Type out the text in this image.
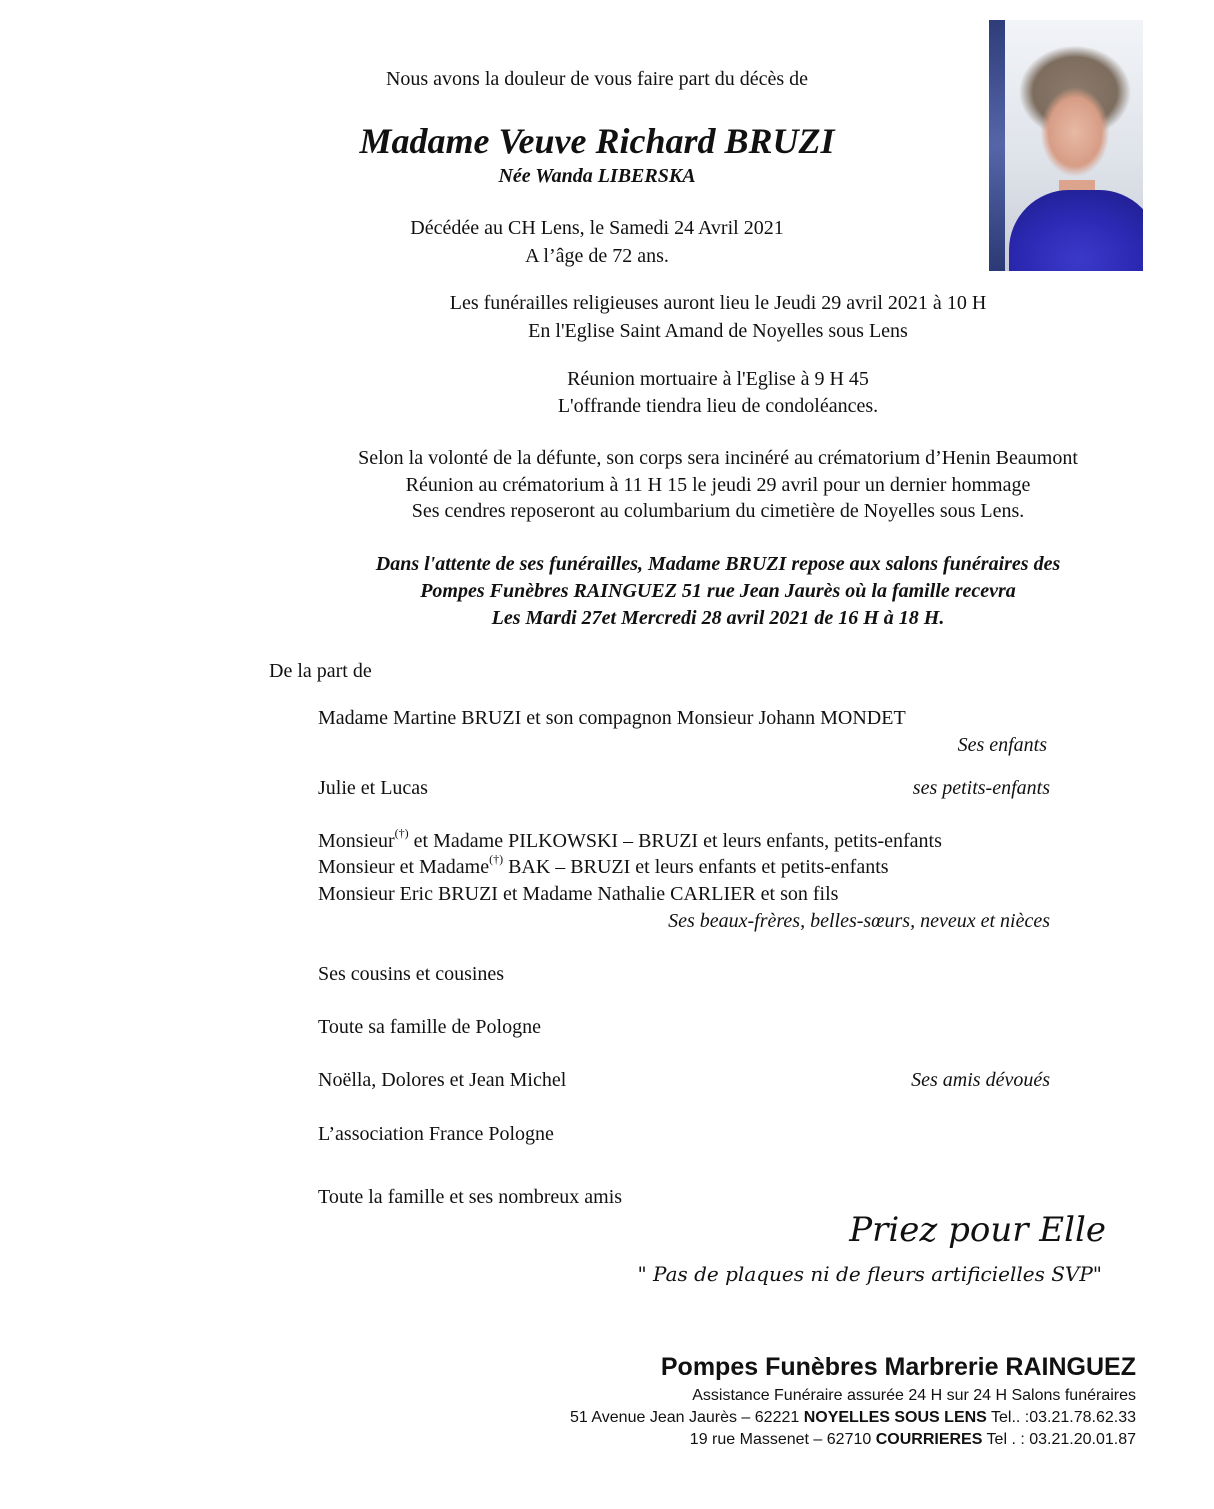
Nous avons la douleur de vous faire part du décès de
Madame Veuve Richard BRUZI
Née Wanda LIBERSKA
Décédée au CH Lens, le Samedi 24 Avril 2021
A l’âge de 72 ans.
Les funérailles religieuses auront lieu le Jeudi 29 avril 2021 à 10 H
En l'Eglise Saint Amand de Noyelles sous Lens
Réunion mortuaire à l'Eglise à 9 H 45
L'offrande tiendra lieu de condoléances.
Selon la volonté de la défunte, son corps sera incinéré au crématorium d’Henin Beaumont
Réunion au crématorium à 11 H 15 le jeudi 29 avril pour un dernier hommage
Ses cendres reposeront au columbarium du cimetière de Noyelles sous Lens.
Dans l'attente de ses funérailles, Madame BRUZI repose aux salons funéraires des
Pompes Funèbres RAINGUEZ 51 rue Jean Jaurès où la famille recevra
Les Mardi 27et Mercredi 28 avril 2021 de 16 H à 18 H.
De la part de
Madame Martine BRUZI et son compagnon Monsieur Johann MONDET
Ses enfants
Julie et Lucas	ses petits-enfants
Monsieur(†) et Madame PILKOWSKI – BRUZI et leurs enfants, petits-enfants
Monsieur et Madame(†) BAK – BRUZI et leurs enfants et petits-enfants
Monsieur Eric BRUZI et Madame Nathalie CARLIER et son fils
Ses beaux-frères, belles-sœurs, neveux et nièces
Ses cousins et cousines
Toute sa famille de Pologne
Noëlla, Dolores et Jean Michel	Ses amis dévoués
L’association France Pologne
Toute la famille et ses nombreux amis
Priez pour Elle
" Pas de plaques ni de fleurs artificielles SVP"
Pompes Funèbres Marbrerie RAINGUEZ
Assistance Funéraire assurée 24 H sur 24 H Salons funéraires
51 Avenue Jean Jaurès – 62221 NOYELLES SOUS LENS Tel.. :03.21.78.62.33
19 rue Massenet – 62710 COURRIERES Tel . : 03.21.20.01.87
